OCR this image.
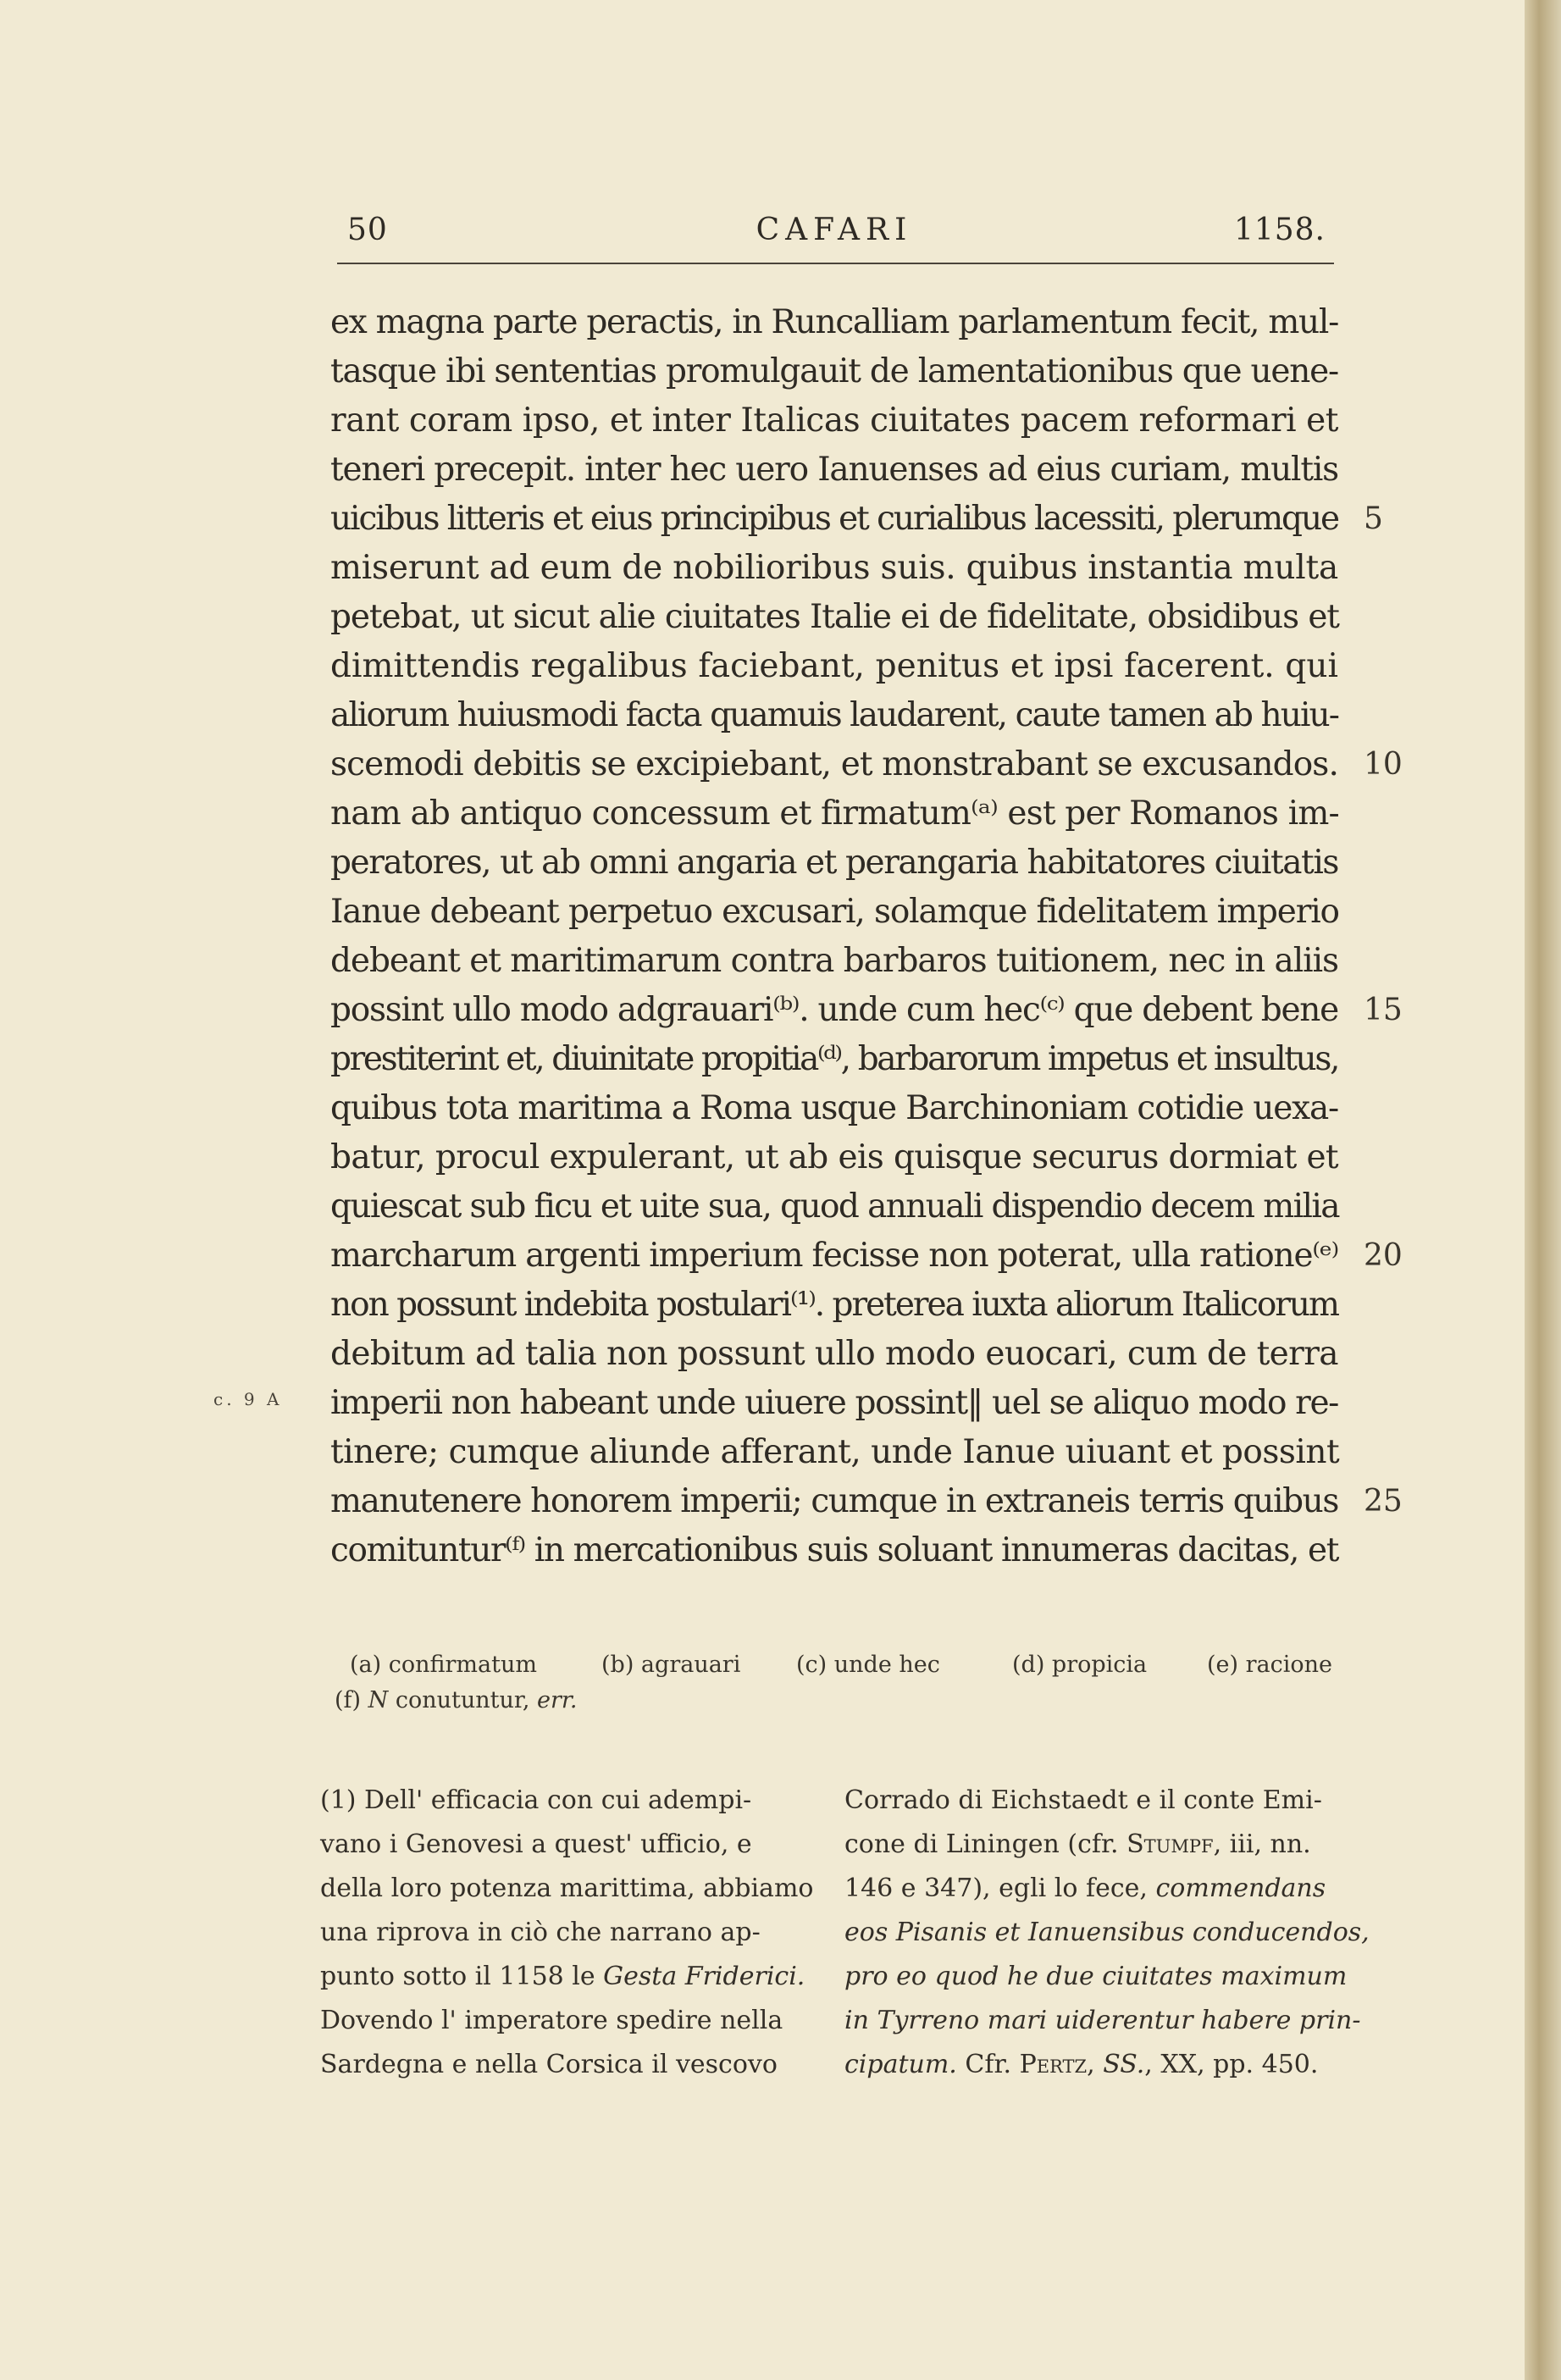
50	CAFARI	1158.
c. 9 A
ex magna parte peractis, in Runcalliam parlamentum fecit, mul-
tasque ibi sententias promulgauit de lamentationibus que uene-
rant coram ipso, et inter Italicas ciuitates pacem reformari et
teneri precepit. inter hec uero Ianuenses ad eius curiam, multis
uicibus litteris et eius principibus et curialibus lacessiti, plerumque 5
miserunt ad eum de nobilioribus suis. quibus instantia multa
petebat, ut sicut alie ciuitates Italie ei de fidelitate, obsidibus et
dimittendis regalibus faciebant, penitus et ipsi facerent. qui
aliorum huiusmodi facta quamuis laudarent, caute tamen ab huiu-
scemodi debitis se excipiebant, et monstrabant se excusandos. 10
nam ab antiquo concessum et firmatum⁽ᵃ⁾ est per Romanos im-
peratores, ut ab omni angaria et perangaria habitatores ciuitatis
Ianue debeant perpetuo excusari, solamque fidelitatem imperio
debeant et maritimarum contra barbaros tuitionem, nec in aliis
possint ullo modo adgrauari⁽ᵇ⁾. unde cum hec⁽ᶜ⁾ que debent bene 15
prestiterint et, diuinitate propitia⁽ᵈ⁾, barbarorum impetus et insultus,
quibus tota maritima a Roma usque Barchinoniam cotidie uexa-
batur, procul expulerant, ut ab eis quisque securus dormiat et
quiescat sub ficu et uite sua, quod annuali dispendio decem milia
marcharum argenti imperium fecisse non poterat, ulla ratione⁽ᵉ⁾ 20
non possunt indebita postulari⁽¹⁾. preterea iuxta aliorum Italicorum
debitum ad talia non possunt ullo modo euocari, cum de terra
imperii non habeant unde uiuere possint‖ uel se aliquo modo re-
tinere; cumque aliunde afferant, unde Ianue uiuant et possint
manutenere honorem imperii; cumque in extraneis terris quibus 25
comituntur⁽ᶠ⁾ in mercationibus suis soluant innumeras dacitas, et
(a) confirmatum	(b) agrauari (c) unde hec	(d) propicia	(e) racione
(f) N conutuntur, err.
(1) Dell' efficacia con cui adempi-
vano i Genovesi a quest' ufficio, e
della loro potenza marittima, abbiamo
una riprova in ciò che narrano ap-
punto sotto il 1158 le Gesta Friderici.
Dovendo l' imperatore spedire nella
Sardegna e nella Corsica il vescovo
Corrado di Eichstaedt e il conte Emi-
cone di Liningen (cfr. Stumpf, iii, nn.
146 e 347), egli lo fece, commendans
eos Pisanis et Ianuensibus conducendos,
pro eo quod he due ciuitates maximum
in Tyrreno mari uiderentur habere prin-
cipatum. Cfr. Pertz, SS., XX, pp. 450.
